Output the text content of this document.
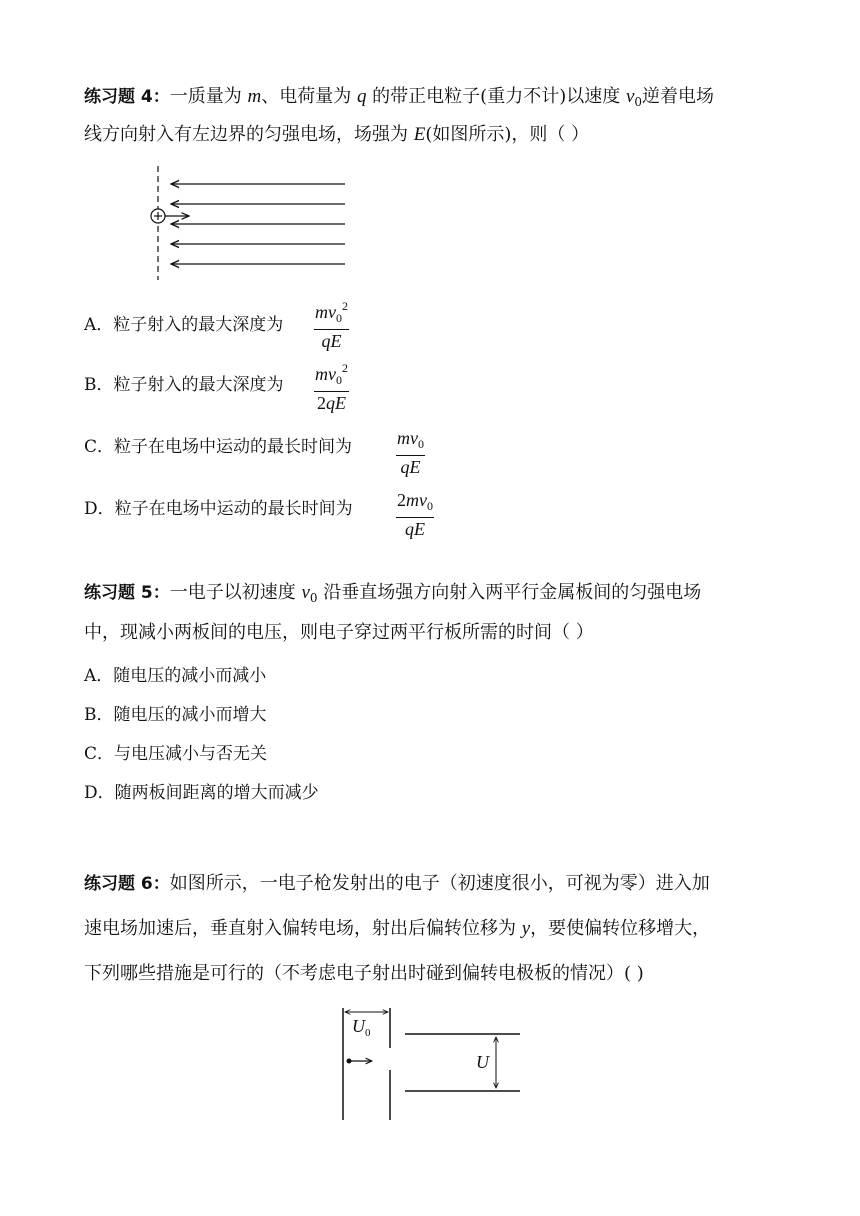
练习题 4：一质量为 m、电荷量为 q 的带正电粒子(重力不计)以速度 $v_0$逆着电场
线方向射入有左边界的匀强电场，场强为 E(如图所示)，则（ ）
A．粒子射入的最大深度为 $\frac{mv_0^2}{qE}$
B．粒子射入的最大深度为 $\frac{mv_0^2}{2qE}$
C．粒子在电场中运动的最长时间为 $\frac{mv_0}{qE}$
D．粒子在电场中运动的最长时间为 $\frac{2mv_0}{qE}$
练习题 5：一电子以初速度 $v_0$ 沿垂直场强方向射入两平行金属板间的匀强电场
中，现减小两板间的电压，则电子穿过两平行板所需的时间（ ）
A．随电压的减小而减小
B．随电压的减小而增大
C．与电压减小与否无关
D．随两板间距离的增大而减少
练习题 6：如图所示，一电子枪发射出的电子（初速度很小，可视为零）进入加
速电场加速后，垂直射入偏转电场，射出后偏转位移为 y，要使偏转位移增大，
下列哪些措施是可行的（不考虑电子射出时碰到偏转电极板的情况）( )
$U_0$
U
